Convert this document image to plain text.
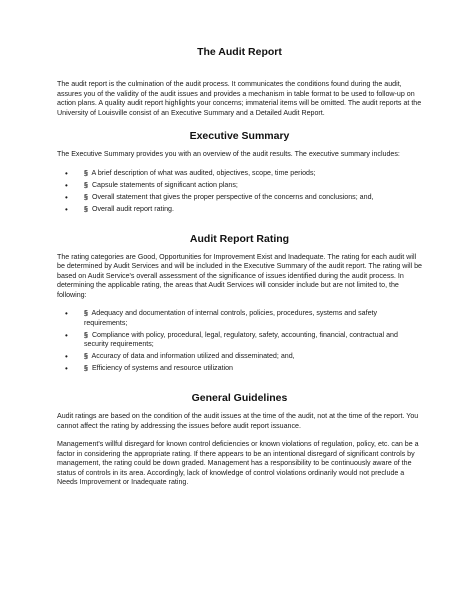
The Audit Report

The audit report is the culmination of the audit process. It communicates the conditions found during the audit, assures you of the validity of the audit issues and provides a mechanism in table format to be used to follow-up on action plans. A quality audit report highlights your concerns; immaterial items will be omitted. The audit reports at the University of Louisville consist of an Executive Summary and a Detailed Audit Report.

Executive Summary

The Executive Summary provides you with an overview of the audit results. The executive summary includes:

• § A brief description of what was audited, objectives, scope, time periods;
• § Capsule statements of significant action plans;
• § Overall statement that gives the proper perspective of the concerns and conclusions; and,
• § Overall audit report rating.
Audit Report Rating

The rating categories are Good, Opportunities for Improvement Exist and Inadequate. The rating for each audit will be determined by Audit Services and will be included in the Executive Summary of the audit report. The rating will be based on Audit Service's overall assessment of the significance of issues identified during the audit process. In determining the applicable rating, the areas that Audit Services will consider include but are not limited to, the following:

• § Adequacy and documentation of internal controls, policies, procedures, systems and safety requirements;
• § Compliance with policy, procedural, legal, regulatory, safety, accounting, financial, contractual and security requirements;
• § Accuracy of data and information utilized and disseminated; and,
• § Efficiency of systems and resource utilization
General Guidelines

Audit ratings are based on the condition of the audit issues at the time of the audit, not at the time of the report. You cannot affect the rating by addressing the issues before audit report issuance.

Management's willful disregard for known control deficiencies or known violations of regulation, policy, etc. can be a factor in considering the appropriate rating. If there appears to be an intentional disregard of significant controls by management, the rating could be down graded. Management has a responsibility to be continuously aware of the status of controls in its area. Accordingly, lack of knowledge of control violations ordinarily would not preclude a Needs Improvement or Inadequate rating.
